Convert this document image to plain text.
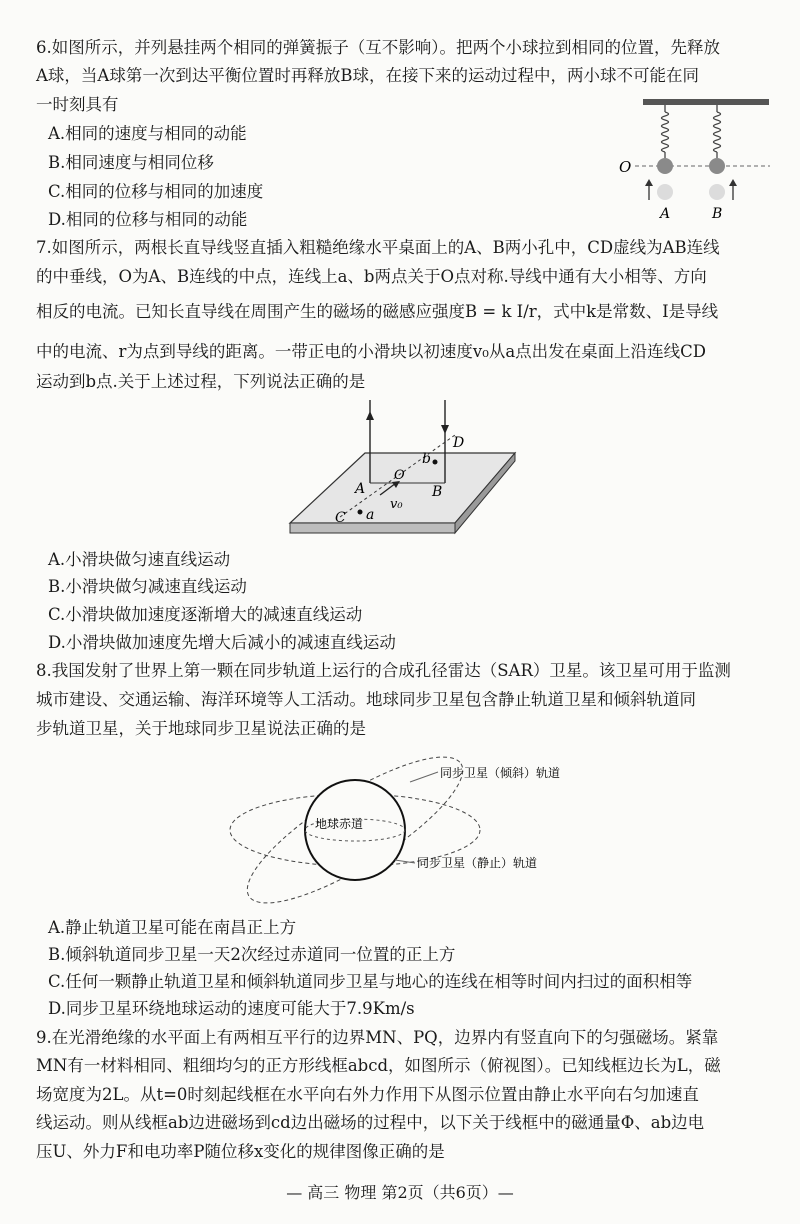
6.如图所示，并列悬挂两个相同的弹簧振子（互不影响）。把两个小球拉到相同的位置，先释放
A球，当A球第一次到达平衡位置时再释放B球，在接下来的运动过程中，两小球不可能在同
一时刻具有
A.相同的速度与相同的动能
B.相同速度与相同位移
C.相同的位移与相同的加速度
D.相同的位移与相同的动能
O
A	B
7.如图所示，两根长直导线竖直插入粗糙绝缘水平桌面上的A、B两小孔中，CD虚线为AB连线
的中垂线，O为A、B连线的中点，连线上a、b两点关于O点对称.导线中通有大小相等、方向
相反的电流。已知长直导线在周围产生的磁场的磁感应强度B = k I/r，式中k是常数、I是导线
中的电流、r为点到导线的距离。一带正电的小滑块以初速度v₀从a点出发在桌面上沿连线CD
运动到b点.关于上述过程，下列说法正确的是
D
b
O
A	B
v₀
C a
A.小滑块做匀速直线运动
B.小滑块做匀减速直线运动
C.小滑块做加速度逐渐增大的减速直线运动
D.小滑块做加速度先增大后减小的减速直线运动
8.我国发射了世界上第一颗在同步轨道上运行的合成孔径雷达（SAR）卫星。该卫星可用于监测
城市建设、交通运输、海洋环境等人工活动。地球同步卫星包含静止轨道卫星和倾斜轨道同
步轨道卫星，关于地球同步卫星说法正确的是
地球赤道
同步卫星（倾斜）轨道
同步卫星（静止）轨道
A.静止轨道卫星可能在南昌正上方
B.倾斜轨道同步卫星一天2次经过赤道同一位置的正上方
C.任何一颗静止轨道卫星和倾斜轨道同步卫星与地心的连线在相等时间内扫过的面积相等
D.同步卫星环绕地球运动的速度可能大于7.9Km/s
9.在光滑绝缘的水平面上有两相互平行的边界MN、PQ，边界内有竖直向下的匀强磁场。紧靠
MN有一材料相同、粗细均匀的正方形线框abcd，如图所示（俯视图）。已知线框边长为L，磁
场宽度为2L。从t=0时刻起线框在水平向右外力作用下从图示位置由静止水平向右匀加速直
线运动。则从线框ab边进磁场到cd边出磁场的过程中，以下关于线框中的磁通量Φ、ab边电
压U、外力F和电功率P随位移x变化的规律图像正确的是
— 高三 物理 第2页（共6页）—
